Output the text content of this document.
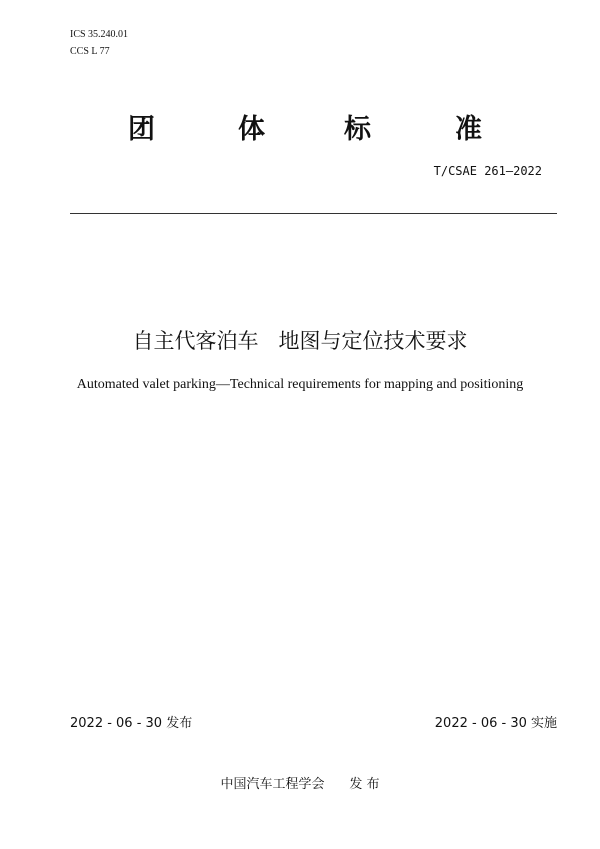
ICS 35.240.01

CCS L 77

团	体	标	准

T/CSAE 261—2022

自主代客泊车   地图与定位技术要求

Automated valet parking—Technical requirements for mapping and positioning

2022 - 06 - 30 发布	2022 - 06 - 30 实施

中国汽车工程学会      发 布
